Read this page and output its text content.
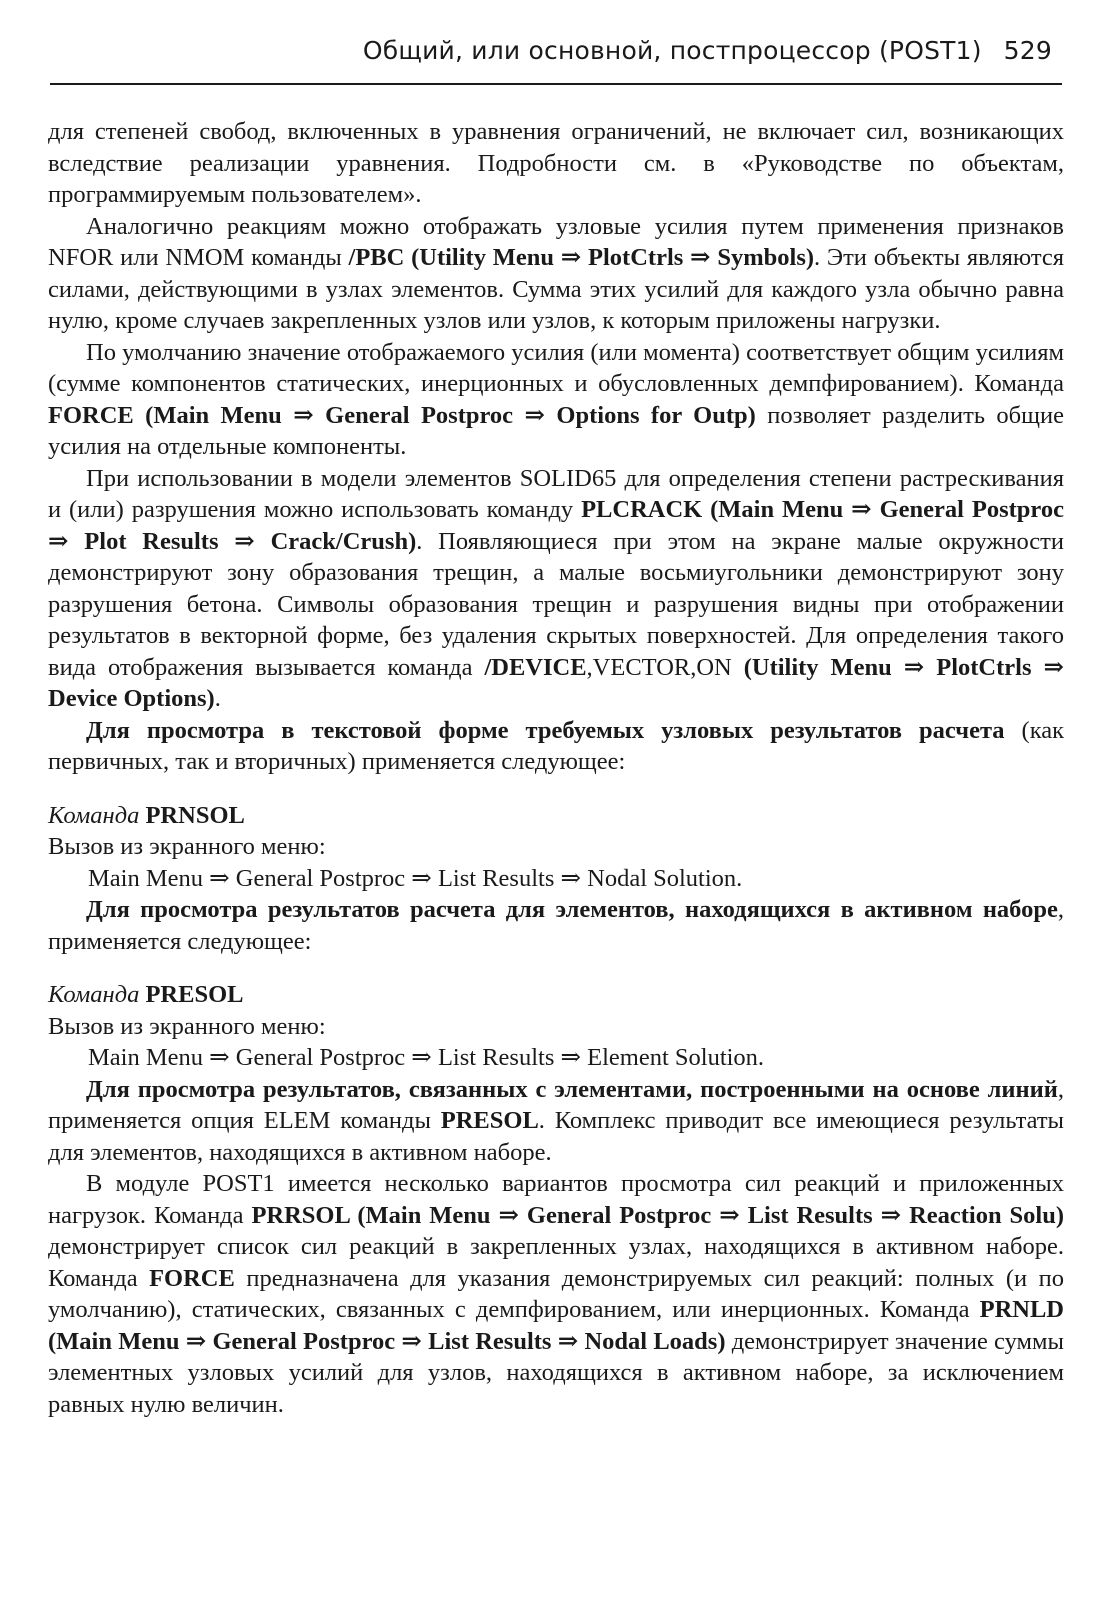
Общий, или основной, постпроцессор (POST1) 529

для степеней свобод, включенных в уравнения ограничений, не включает сил, возникающих вследствие реализации уравнения. Подробности см. в «Руководстве по объектам, программируемым пользователем».

Аналогично реакциям можно отображать узловые усилия путем применения признаков NFOR или NMOM команды /PBC (Utility Menu ⇒ PlotCtrls ⇒ Symbols). Эти объекты являются силами, действующими в узлах элементов. Сумма этих усилий для каждого узла обычно равна нулю, кроме случаев закрепленных узлов или узлов, к которым приложены нагрузки.

По умолчанию значение отображаемого усилия (или момента) соответствует общим усилиям (сумме компонентов статических, инерционных и обусловленных демпфированием). Команда FORCE (Main Menu ⇒ General Postproc ⇒ Options for Outp) позволяет разделить общие усилия на отдельные компоненты.

При использовании в модели элементов SOLID65 для определения степени растрескивания и (или) разрушения можно использовать команду PLCRACK (Main Menu ⇒ General Postproc ⇒ Plot Results ⇒ Crack/Crush). Появляющиеся при этом на экране малые окружности демонстрируют зону образования трещин, а малые восьмиугольники демонстрируют зону разрушения бетона. Символы образования трещин и разрушения видны при отображении результатов в векторной форме, без удаления скрытых поверхностей. Для определения такого вида отображения вызывается команда /DEVICE,VECTOR,ON (Utility Menu ⇒ PlotCtrls ⇒ Device Options).

Для просмотра в текстовой форме требуемых узловых результатов расчета (как первичных, так и вторичных) применяется следующее:

Команда PRNSOL

Вызов из экранного меню:

Main Menu ⇒ General Postproc ⇒ List Results ⇒ Nodal Solution.

Для просмотра результатов расчета для элементов, находящихся в активном наборе, применяется следующее:

Команда PRESOL

Вызов из экранного меню:

Main Menu ⇒ General Postproc ⇒ List Results ⇒ Element Solution.

Для просмотра результатов, связанных с элементами, построенными на основе линий, применяется опция ELEM команды PRESOL. Комплекс приводит все имеющиеся результаты для элементов, находящихся в активном наборе.

В модуле POST1 имеется несколько вариантов просмотра сил реакций и приложенных нагрузок. Команда PRRSOL (Main Menu ⇒ General Postproc ⇒ List Results ⇒ Reaction Solu) демонстрирует список сил реакций в закрепленных узлах, находящихся в активном наборе. Команда FORCE предназначена для указания демонстрируемых сил реакций: полных (и по умолчанию), статических, связанных с демпфированием, или инерционных. Команда PRNLD (Main Menu ⇒ General Postproc ⇒ List Results ⇒ Nodal Loads) демонстрирует значение суммы элементных узловых усилий для узлов, находящихся в активном наборе, за исключением равных нулю величин.
